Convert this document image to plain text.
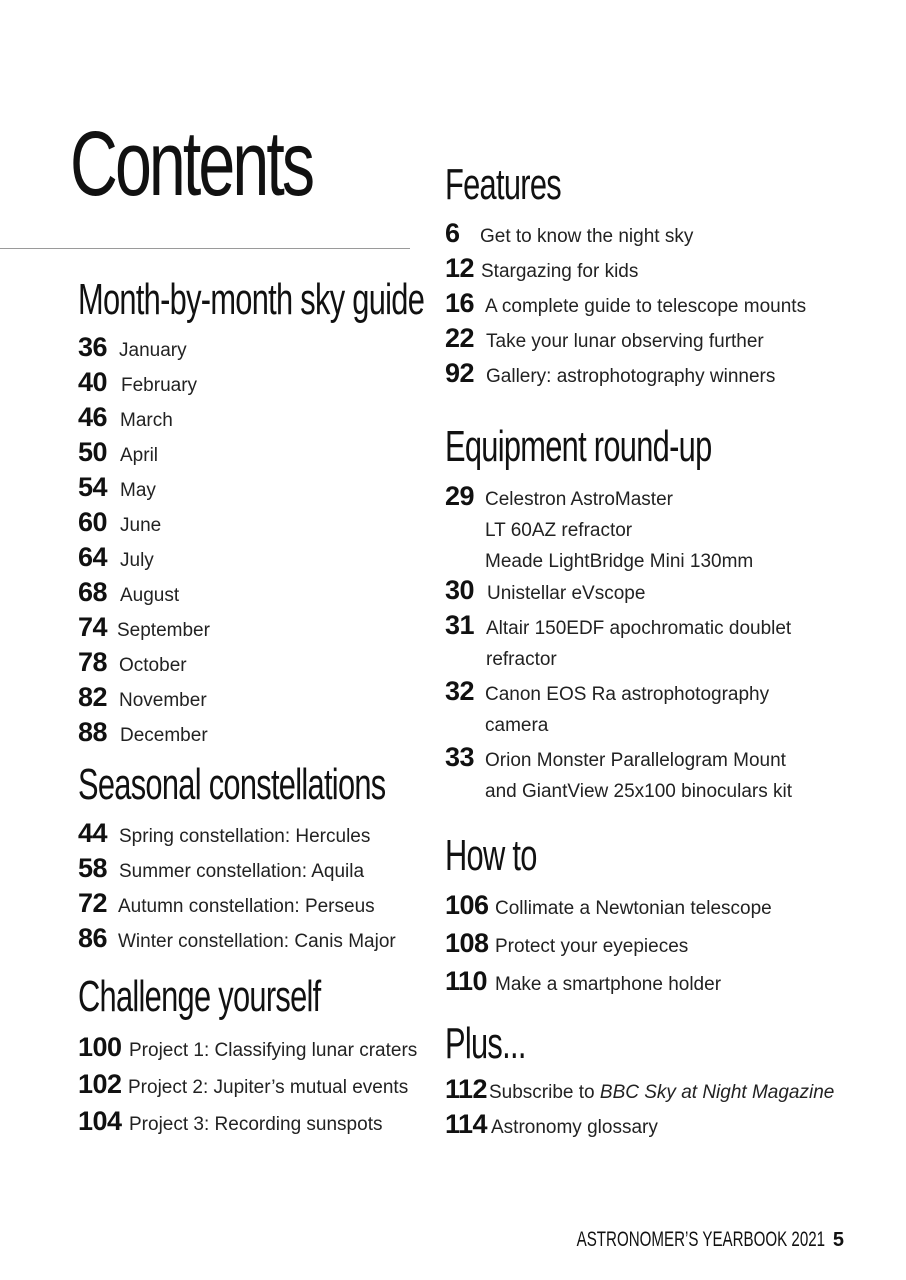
Contents
Month-by-month sky guide
36 January
40 February
46 March
50 April
54 May
60 June
64 July
68 August
74 September
78 October
82 November
88 December
Seasonal constellations
44 Spring constellation: Hercules
58 Summer constellation: Aquila
72 Autumn constellation: Perseus
86 Winter constellation: Canis Major
Challenge yourself
100 Project 1: Classifying lunar craters
102 Project 2: Jupiter’s mutual events
104 Project 3: Recording sunspots
Features
6	Get to know the night sky
12 Stargazing for kids
16 A complete guide to telescope mounts
22 Take your lunar observing further
92 Gallery: astrophotography winners
Equipment round-up
29 Celestron AstroMaster
LT 60AZ refractor
Meade LightBridge Mini 130mm
30 Unistellar eVscope
31 Altair 150EDF apochromatic doublet
refractor
32 Canon EOS Ra astrophotography
camera
33 Orion Monster Parallelogram Mount
and GiantView 25x100 binoculars kit
How to
106 Collimate a Newtonian telescope
108 Protect your eyepieces
110 Make a smartphone holder
Plus...
112 Subscribe to
BBC Sky at Night Magazine
114 Astronomy glossary
ASTRONOMER’S YEARBOOK 2021 5
